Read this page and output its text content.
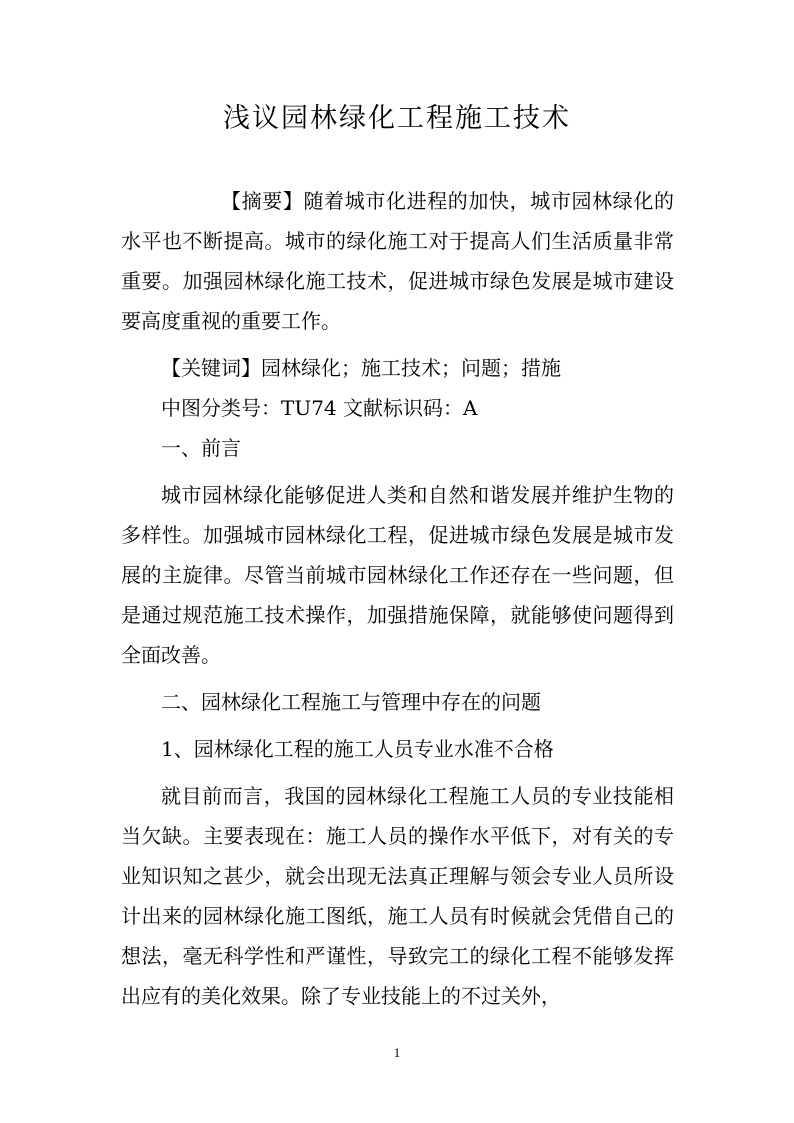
浅议园林绿化工程施工技术

【摘要】随着城市化进程的加快，城市园林绿化的水平也不断提高。城市的绿化施工对于提高人们生活质量非常重要。加强园林绿化施工技术，促进城市绿色发展是城市建设要高度重视的重要工作。

【关键词】园林绿化；施工技术；问题；措施

中图分类号：TU74 文献标识码：A

一、前言

城市园林绿化能够促进人类和自然和谐发展并维护生物的多样性。加强城市园林绿化工程，促进城市绿色发展是城市发展的主旋律。尽管当前城市园林绿化工作还存在一些问题，但是通过规范施工技术操作，加强措施保障，就能够使问题得到全面改善。

二、园林绿化工程施工与管理中存在的问题

1、园林绿化工程的施工人员专业水准不合格

就目前而言，我国的园林绿化工程施工人员的专业技能相当欠缺。主要表现在：施工人员的操作水平低下，对有关的专业知识知之甚少，就会出现无法真正理解与领会专业人员所设计出来的园林绿化施工图纸，施工人员有时候就会凭借自己的想法，毫无科学性和严谨性，导致完工的绿化工程不能够发挥出应有的美化效果。除了专业技能上的不过关外，

1
